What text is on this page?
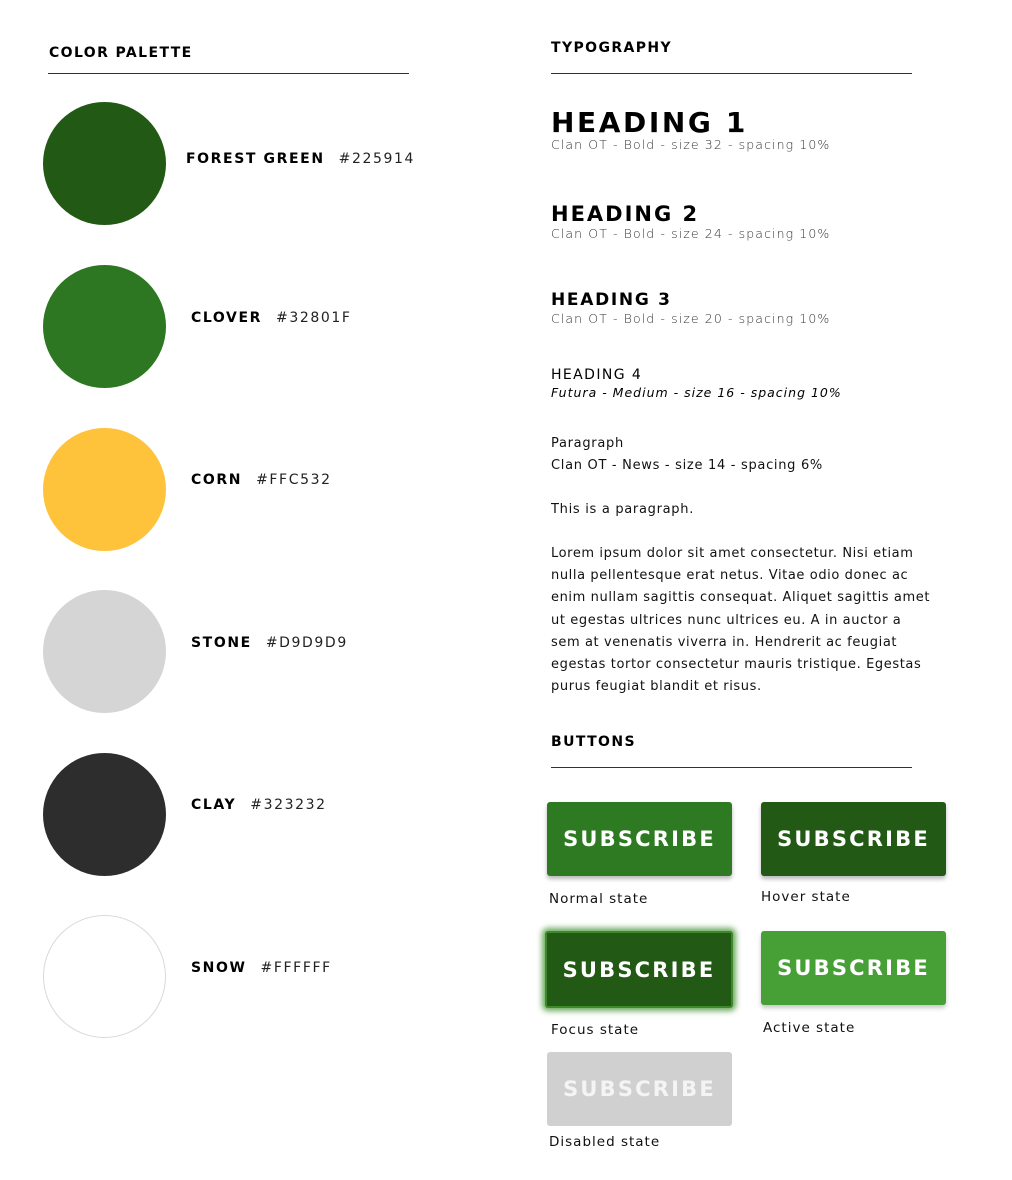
COLOR PALETTE
FOREST GREEN #225914
CLOVER #32801F
CORN #FFC532
STONE #D9D9D9
CLAY #323232
SNOW #FFFFFF
TYPOGRAPHY
HEADING 1
Clan OT - Bold - size 32 - spacing 10%
HEADING 2
Clan OT - Bold - size 24 - spacing 10%
HEADING 3
Clan OT - Bold - size 20 - spacing 10%
HEADING 4
Futura - Medium - size 16 - spacing 10%
Paragraph
Clan OT - News - size 14 - spacing 6%
This is a paragraph.

Lorem ipsum dolor sit amet consectetur. Nisi etiam nulla pellentesque erat netus. Vitae odio donec ac enim nullam sagittis consequat. Aliquet sagittis amet ut egestas ultrices nunc ultrices eu. A in auctor a sem at venenatis viverra in. Hendrerit ac feugiat egestas tortor consectetur mauris tristique. Egestas purus feugiat blandit et risus.

BUTTONS
SUBSCRIBE
Normal state
SUBSCRIBE
Hover state
SUBSCRIBE
Focus state
SUBSCRIBE
Active state
SUBSCRIBE
Disabled state
